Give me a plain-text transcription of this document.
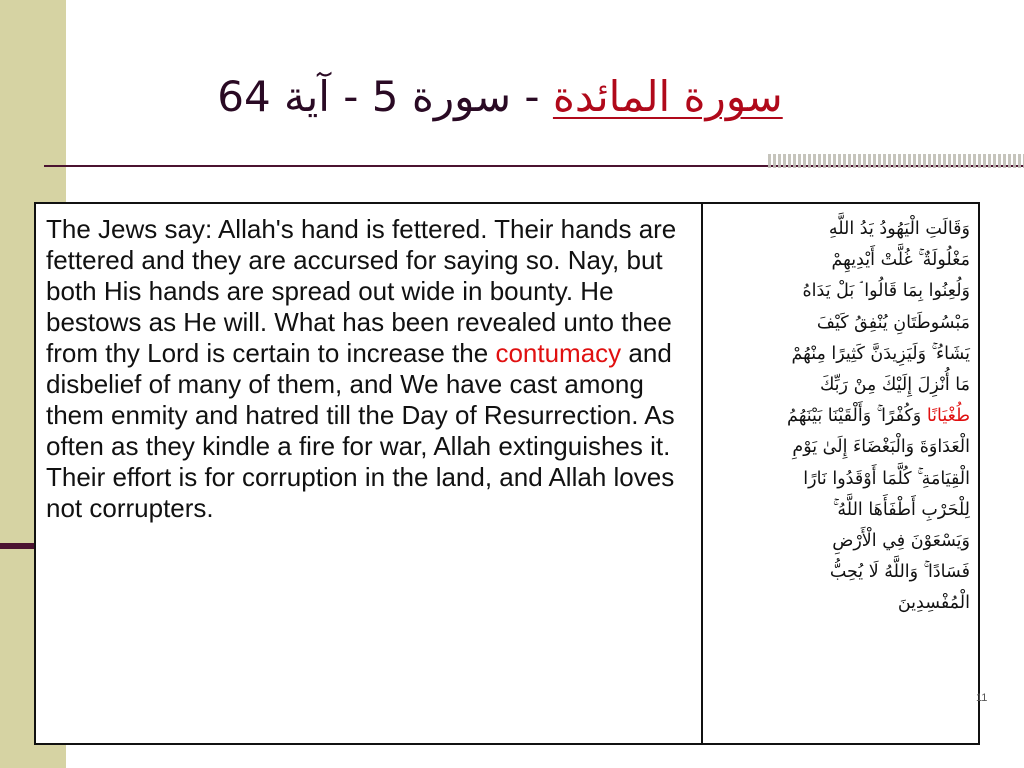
سورة المائدة - سورة 5 - آية 64
The Jews say: Allah's hand is fettered. Their hands are fettered and they are accursed for saying so. Nay, but both His hands are spread out wide in bounty. He bestows as He will. What has been revealed unto thee from thy Lord is certain to increase the contumacy and disbelief of many of them, and We have cast among them enmity and hatred till the Day of Resurrection. As often as they kindle a fire for war, Allah extinguishes it. Their effort is for corruption in the land, and Allah loves not corrupters.
وَقَالَتِ الْيَهُودُ يَدُ اللَّهِ
مَغْلُولَةٌ ۚ غُلَّتْ أَيْدِيهِمْ
وَلُعِنُوا بِمَا قَالُوا ۘ بَلْ يَدَاهُ
مَبْسُوطَتَانِ يُنْفِقُ كَيْفَ
يَشَاءُ ۚ وَلَيَزِيدَنَّ كَثِيرًا مِنْهُمْ
مَا أُنْزِلَ إِلَيْكَ مِنْ رَبِّكَ
طُغْيَانًا وَكُفْرًا ۚ وَأَلْقَيْنَا بَيْنَهُمُ
الْعَدَاوَةَ وَالْبَغْضَاءَ إِلَىٰ يَوْمِ
الْقِيَامَةِ ۚ كُلَّمَا أَوْقَدُوا نَارًا
لِلْحَرْبِ أَطْفَأَهَا اللَّهُ ۚ
وَيَسْعَوْنَ فِي الْأَرْضِ
فَسَادًا ۚ وَاللَّهُ لَا يُحِبُّ
الْمُفْسِدِينَ
11
